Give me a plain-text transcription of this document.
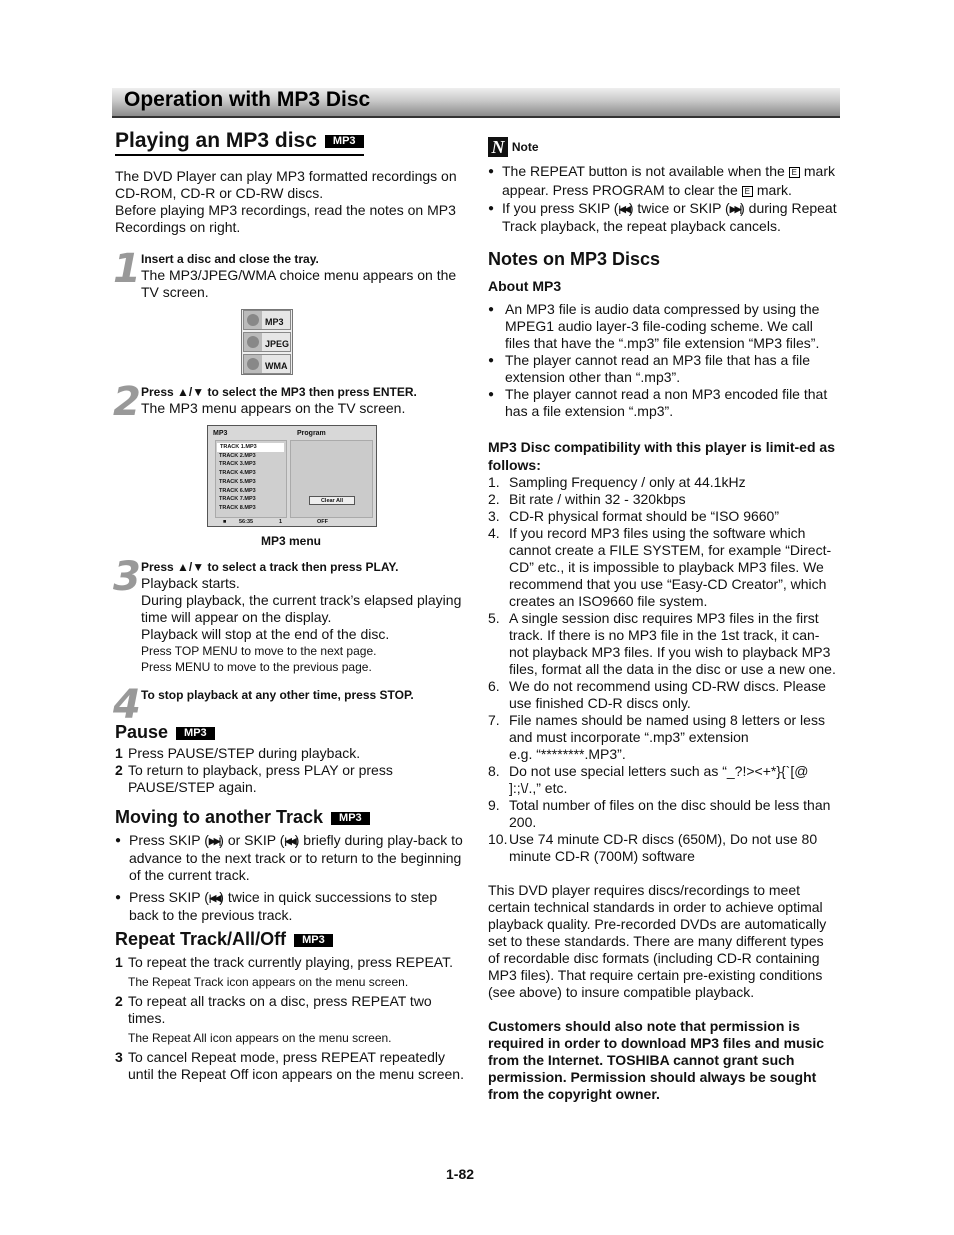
Operation with MP3 Disc
Playing an MP3 disc MP3

The DVD Player can play MP3 formatted recordings on CD-ROM, CD-R or CD-RW discs.

Before playing MP3 recordings, read the notes on MP3 Recordings on right.

1 Insert a disc and close the tray.
The MP3/JPEG/WMA choice menu appears on the TV screen.
MP3
JPEG
WMA
2 Press ▲/▼ to select the MP3 then press ENTER.
The MP3 menu appears on the TV screen.
MP3	Program
TRACK 1.MP3
TRACK 2.MP3
TRACK 3.MP3
TRACK 4.MP3
TRACK 5.MP3
TRACK 6.MP3
TRACK 7.MP3
TRACK 8.MP3
Clear All
■ 56:35	1	OFF
MP3 menu
3 Press ▲/▼ to select a track then press PLAY.
Playback starts.
During playback, the current track’s elapsed playing time will appear on the display.
Playback will stop at the end of the disc.
Press TOP MENU to move to the next page.
Press MENU to move to the previous page.
4 To stop playback at any other time, press STOP.
Pause MP3
1 Press PAUSE/STEP during playback.
2 To return to playback, press PLAY or press PAUSE/STEP again.
Moving to another Track MP3
● Press SKIP (▶▶|) or SKIP (|◀◀) briefly during play-back to advance to the next track or to return to the beginning of the current track.
● Press SKIP (|◀◀) twice in quick successions to step back to the previous track.
Repeat Track/All/Off MP3
1 To repeat the track currently playing, press REPEAT.
The Repeat Track icon appears on the menu screen.
2 To repeat all tracks on a disc, press REPEAT two times.
The Repeat All icon appears on the menu screen.
3 To cancel Repeat mode, press REPEAT repeatedly until the Repeat Off icon appears on the menu screen.
N Note
● The REPEAT button is not available when the E mark appear. Press PROGRAM to clear the E mark.
● If you press SKIP (|◀◀) twice or SKIP (▶▶|) during Repeat Track playback, the repeat playback cancels.
Notes on MP3 Discs
About MP3
● An MP3 file is audio data compressed by using the MPEG1 audio layer-3 file-coding scheme. We call files that have the “.mp3” file extension “MP3 files”.
● The player cannot read an MP3 file that has a file extension other than “.mp3”.
● The player cannot read a non MP3 encoded file that has a file extension “.mp3”.
MP3 Disc compatibility with this player is limit-ed as follows:
1. Sampling Frequency / only at 44.1kHz
2. Bit rate / within 32 - 320kbps
3. CD-R physical format should be “ISO 9660”
4. If you record MP3 files using the software which cannot create a FILE SYSTEM, for example “Direct-CD” etc., it is impossible to playback MP3 files. We recommend that you use “Easy-CD Creator”, which creates an ISO9660 file system.
5. A single session disc requires MP3 files in the first track. If there is no MP3 file in the 1st track, it can-not playback MP3 files. If you wish to playback MP3 files, format all the data in the disc or use a new one.
6. We do not recommend using CD-RW discs. Please use finished CD-R discs only.
7. File names should be named using 8 letters or less and must incorporate “.mp3” extension
e.g. “********.MP3”.
8. Do not use special letters such as “_?!><+*}{`[@ ]:;\/.,” etc.
9. Total number of files on the disc should be less than 200.
10. Use 74 minute CD-R discs (650M), Do not use 80 minute CD-R (700M) software

This DVD player requires discs/recordings to meet certain technical standards in order to achieve optimal playback quality. Pre-recorded DVDs are automatically set to these standards. There are many different types of recordable disc formats (including CD-R containing MP3 files). That require certain pre-existing conditions (see above) to insure compatible playback.

Customers should also note that permission is required in order to download MP3 files and music from the Internet. TOSHIBA cannot grant such permission. Permission should always be sought from the copyright owner.

1-82
